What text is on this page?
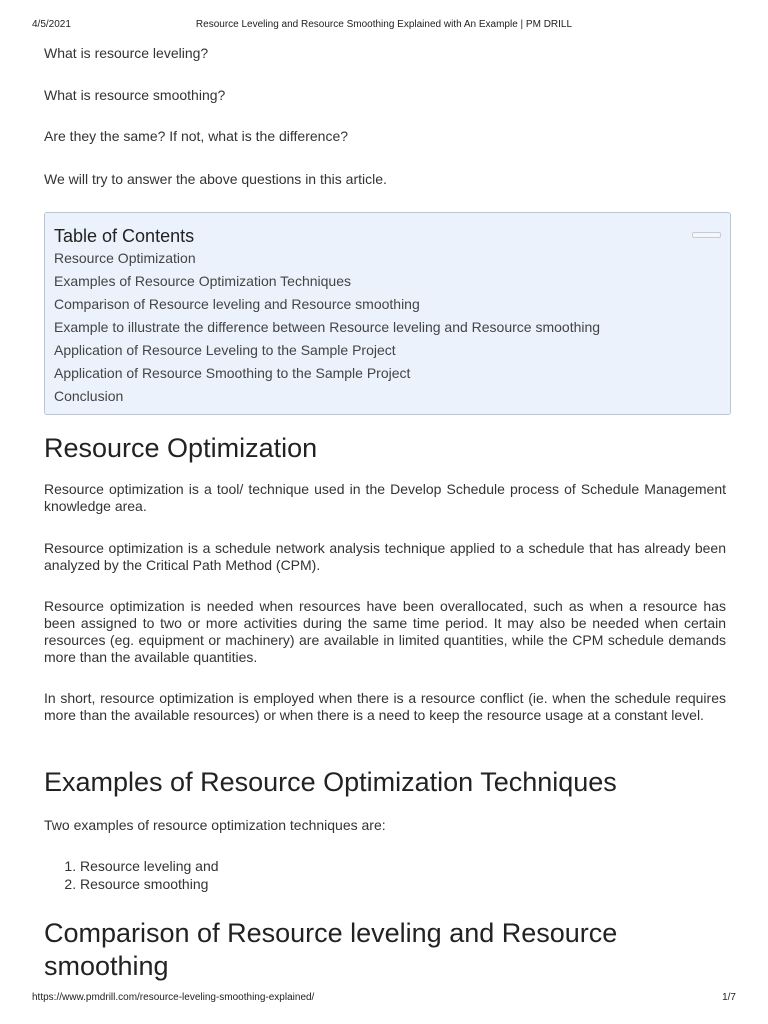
4/5/2021	Resource Leveling and Resource Smoothing Explained with An Example | PM DRILL

What is resource leveling?

What is resource smoothing?

Are they the same? If not, what is the difference?

We will try to answer the above questions in this article.

Table of Contents
Resource Optimization
Examples of Resource Optimization Techniques
Comparison of Resource leveling and Resource smoothing
Example to illustrate the difference between Resource leveling and Resource smoothing
Application of Resource Leveling to the Sample Project
Application of Resource Smoothing to the Sample Project
Conclusion
Resource Optimization

Resource optimization is a tool/ technique used in the Develop Schedule process of Schedule Management knowledge area.

Resource optimization is a schedule network analysis technique applied to a schedule that has already been analyzed by the Critical Path Method (CPM).

Resource optimization is needed when resources have been overallocated, such as when a resource has been assigned to two or more activities during the same time period. It may also be needed when certain resources (eg. equipment or machinery) are available in limited quantities, while the CPM schedule demands more than the available quantities.

In short, resource optimization is employed when there is a resource conflict (ie. when the schedule requires more than the available resources) or when there is a need to keep the resource usage at a constant level.

Examples of Resource Optimization Techniques

Two examples of resource optimization techniques are:

1. Resource leveling and
2. Resource smoothing
Comparison of Resource leveling and Resource smoothing
https://www.pmdrill.com/resource-leveling-smoothing-explained/	1/7
